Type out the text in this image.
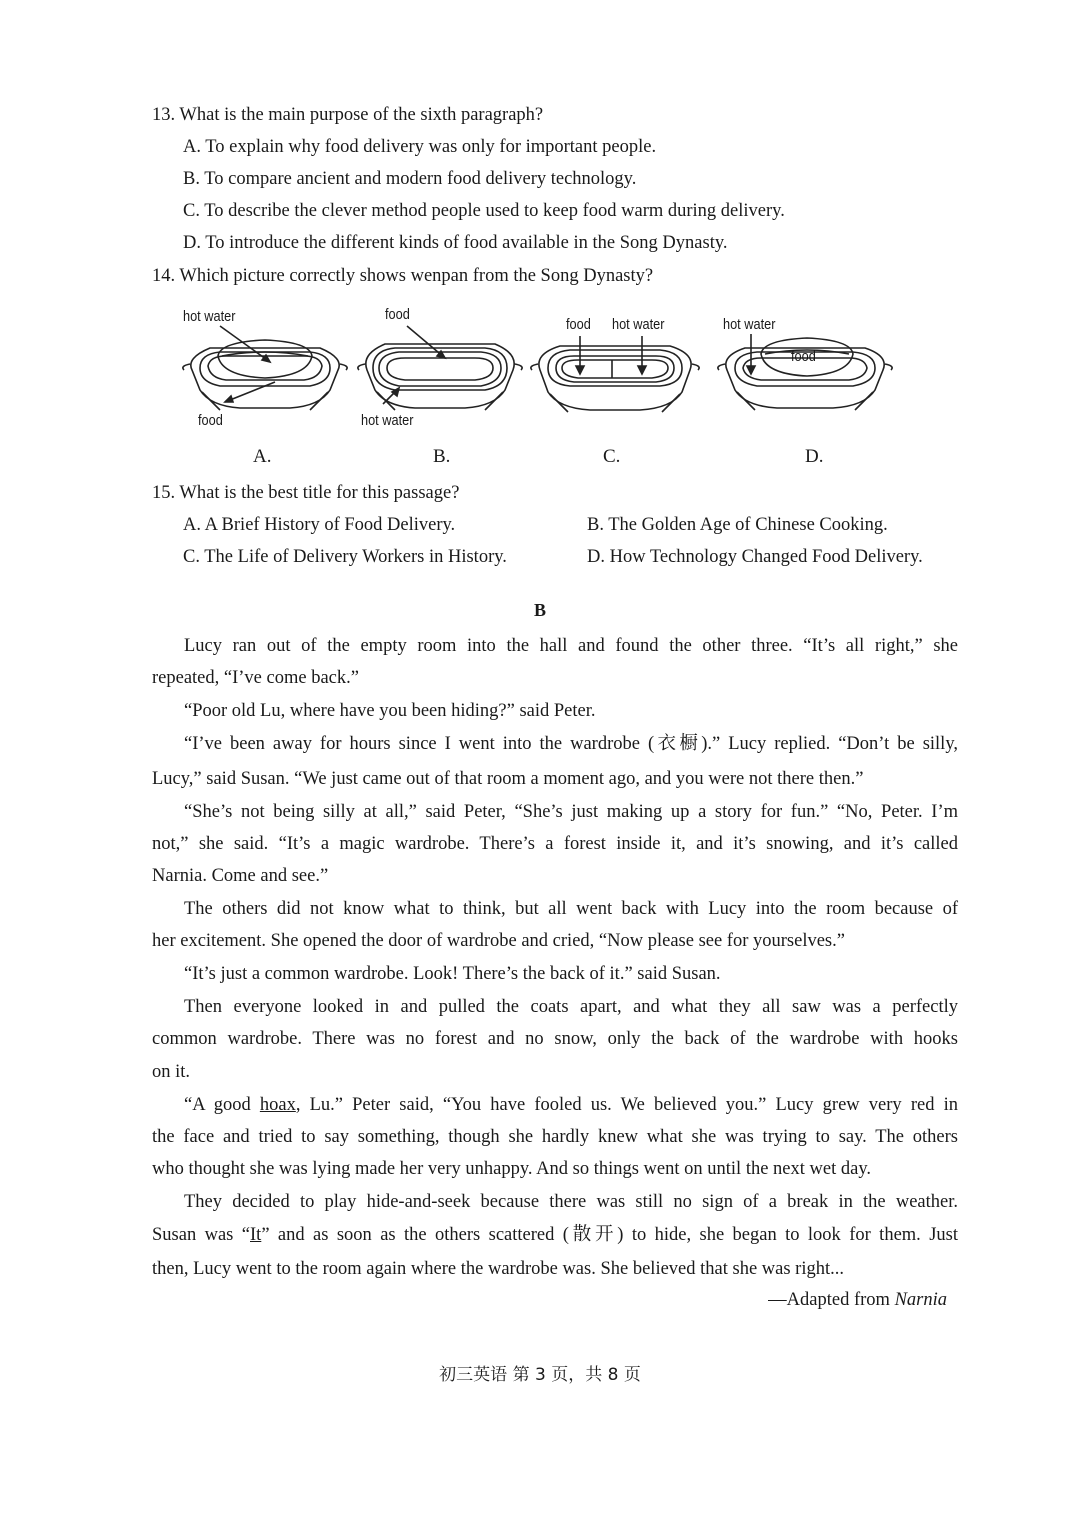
13. What is the main purpose of the sixth paragraph?
A. To explain why food delivery was only for important people.
B. To compare ancient and modern food delivery technology.
C. To describe the clever method people used to keep food warm during delivery.
D. To introduce the different kinds of food available in the Song Dynasty.
14. Which picture correctly shows wenpan from the Song Dynasty?
hot water
food
A.
food
hot water
B.
food hot water
C.
hot water
food
D.
15. What is the best title for this passage?
A. A Brief History of Food Delivery.	B. The Golden Age of Chinese Cooking.
C. The Life of Delivery Workers in History.	D. How Technology Changed Food Delivery.
B
Lucy ran out of the empty room into the hall and found the other three. “It’s all right,” she
repeated, “I’ve come back.”
“Poor old Lu, where have you been hiding?” said Peter.
“I’ve been away for hours since I went into the wardrobe (衣橱).” Lucy replied. “Don’t be silly,
Lucy,” said Susan. “We just came out of that room a moment ago, and you were not there then.”
“She’s not being silly at all,” said Peter, “She’s just making up a story for fun.” “No, Peter. I’m
not,” she said. “It’s a magic wardrobe. There’s a forest inside it, and it’s snowing, and it’s called
Narnia. Come and see.”
The others did not know what to think, but all went back with Lucy into the room because of
her excitement. She opened the door of wardrobe and cried, “Now please see for yourselves.”
“It’s just a common wardrobe. Look! There’s the back of it.” said Susan.
Then everyone looked in and pulled the coats apart, and what they all saw was a perfectly
common wardrobe. There was no forest and no snow, only the back of the wardrobe with hooks
on it.
“A good hoax, Lu.” Peter said, “You have fooled us. We believed you.” Lucy grew very red in
the face and tried to say something, though she hardly knew what she was trying to say. The others
who thought she was lying made her very unhappy. And so things went on until the next wet day.
They decided to play hide-and-seek because there was still no sign of a break in the weather.
Susan was “It” and as soon as the others scattered (散开) to hide, she began to look for them. Just
then, Lucy went to the room again where the wardrobe was. She believed that she was right...
—Adapted from Narnia
初三英语 第 3 页，共 8 页
